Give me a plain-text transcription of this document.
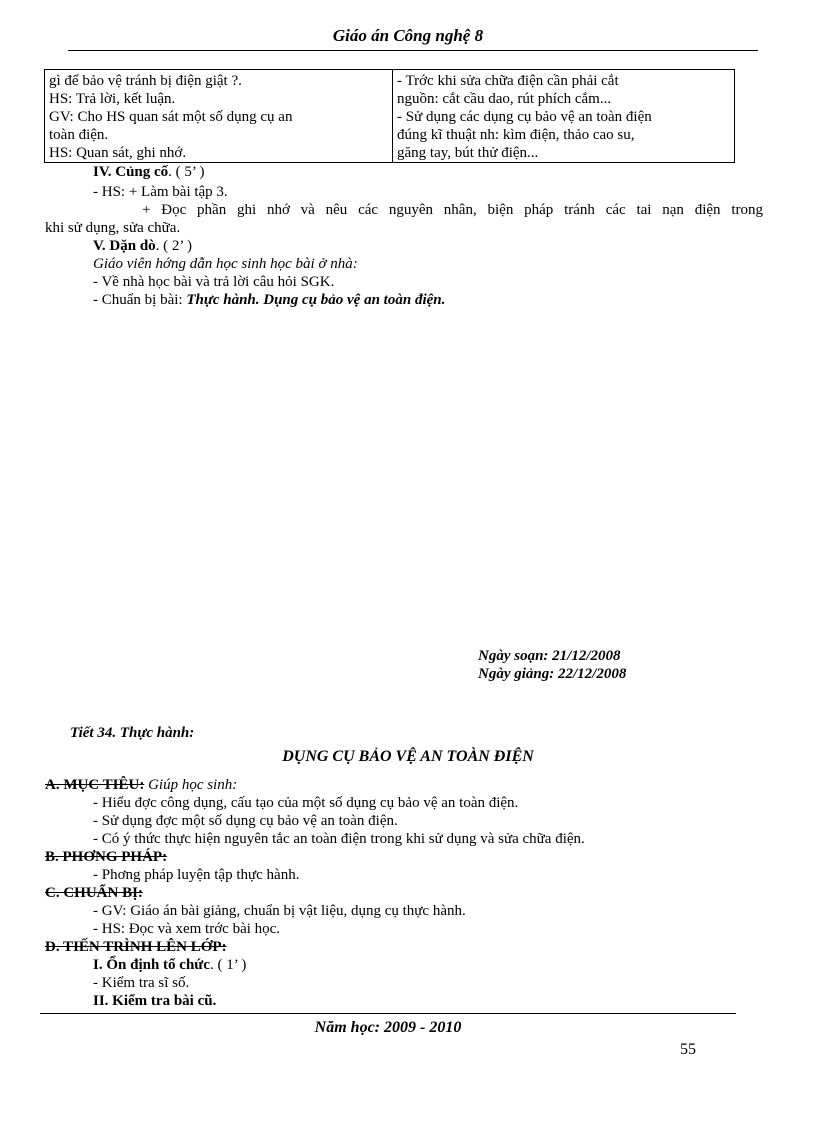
Giáo án Công nghệ 8
gì để bảo vệ tránh bị điện giật ?.
HS: Trả lời, kết luận.
GV: Cho HS quan sát một số dụng cụ an
toàn điện.
HS: Quan sát, ghi nhớ.

- Trớc khi sửa chữa điện cần phải cắt
nguồn: cắt cầu dao, rút phích cắm...
- Sử dụng các dụng cụ bảo vệ an toàn điện
đúng kĩ thuật nh: kìm điện, thảo cao su,
găng tay, bút thử điện...
IV. Củng cố. ( 5’ )
- HS: + Làm bài tập 3.
+ Đọc phần ghi nhớ và nêu các nguyên nhân, biện pháp tránh các tai nạn điện trong
khi sử dụng, sửa chữa.
V. Dặn dò. ( 2’ )
Giáo viên hớng dẫn học sinh học bài ở nhà:
- Về nhà học bài và trả lời câu hỏi SGK.
- Chuẩn bị bài: Thực hành. Dụng cụ bảo vệ an toàn điện.
Ngày soạn: 21/12/2008
Ngày giảng: 22/12/2008
Tiết 34. Thực hành:
DỤNG CỤ BẢO VỆ AN TOÀN ĐIỆN
A. MỤC TIÊU: Giúp học sinh:
- Hiểu đợc công dụng, cấu tạo của một số dụng cụ bảo vệ an toàn điện.
- Sử dụng đợc một số dụng cụ bảo vệ an toàn điện.
- Có ý thức thực hiện nguyên tắc an toàn điện trong khi sử dụng và sửa chữa điện.
B. PHƠNG PHÁP:
- Phơng pháp luyện tập thực hành.
C. CHUẨN BỊ:
- GV: Giáo án bài giảng, chuẩn bị vật liệu, dụng cụ thực hành.
- HS: Đọc và xem trớc bài học.
D. TIẾN TRÌNH LÊN LỚP:
I. Ổn định tổ chức. ( 1’ )
- Kiểm tra sĩ số.
II. Kiểm tra bài cũ.
Năm học: 2009 - 2010
55
